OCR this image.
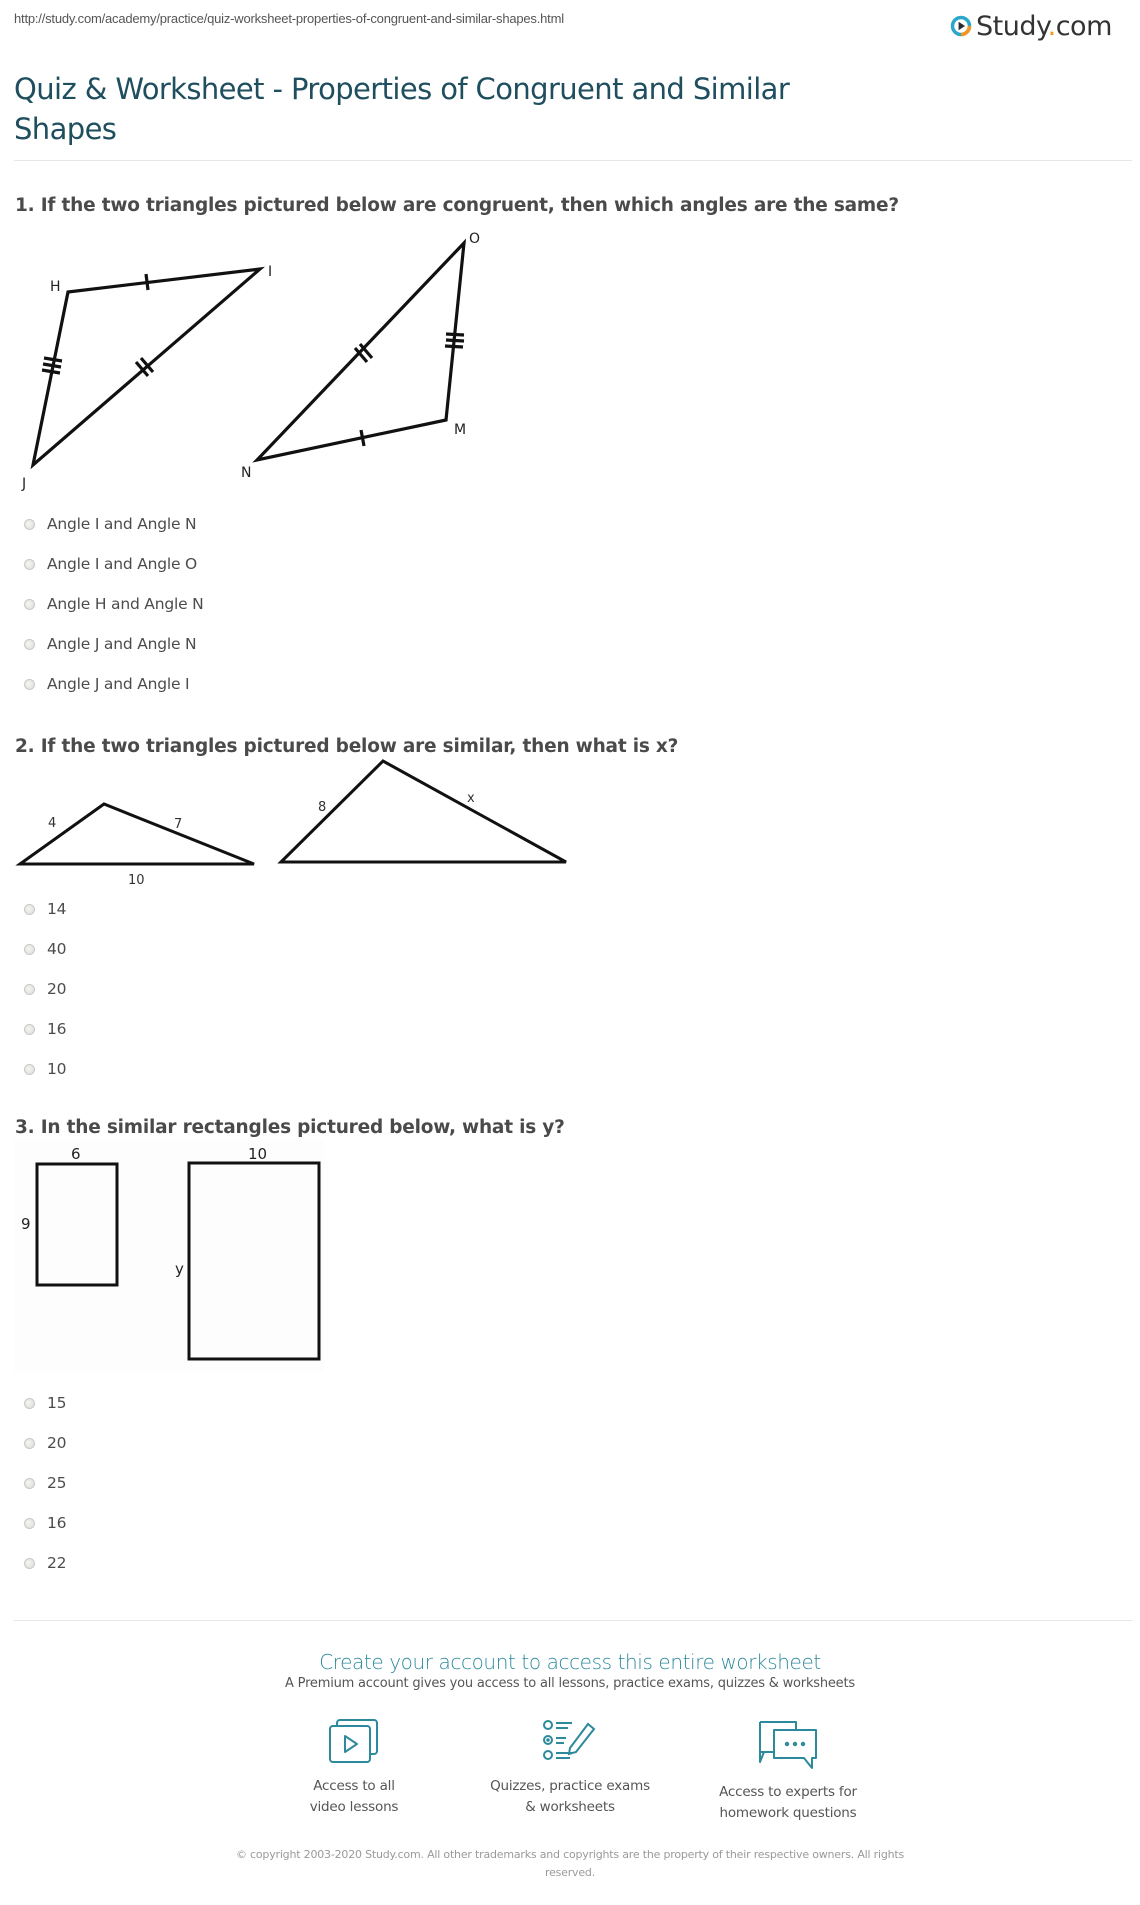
http://study.com/academy/practice/quiz-worksheet-properties-of-congruent-and-similar-shapes.html	Study.com
Quiz & Worksheet - Properties of Congruent and Similar Shapes
1. If the two triangles pictured below are congruent, then which angles are the same?
H
I
J
O
M
N
Angle I and Angle N
Angle I and Angle O
Angle H and Angle N
Angle J and Angle N
Angle J and Angle I
2. If the two triangles pictured below are similar, then what is x?
4	7
10
8
x
14
40
20
16
10
3. In the similar rectangles pictured below, what is y?
6	10
9
y
15
20
25
16
22
Create your account to access this entire worksheet
A Premium account gives you access to all lessons, practice exams, quizzes & worksheets
Access to all
video lessons
Quizzes, practice exams
& worksheets
Access to experts for
homework questions
© copyright 2003-2020 Study.com. All other trademarks and copyrights are the property of their respective owners. All rights reserved.
